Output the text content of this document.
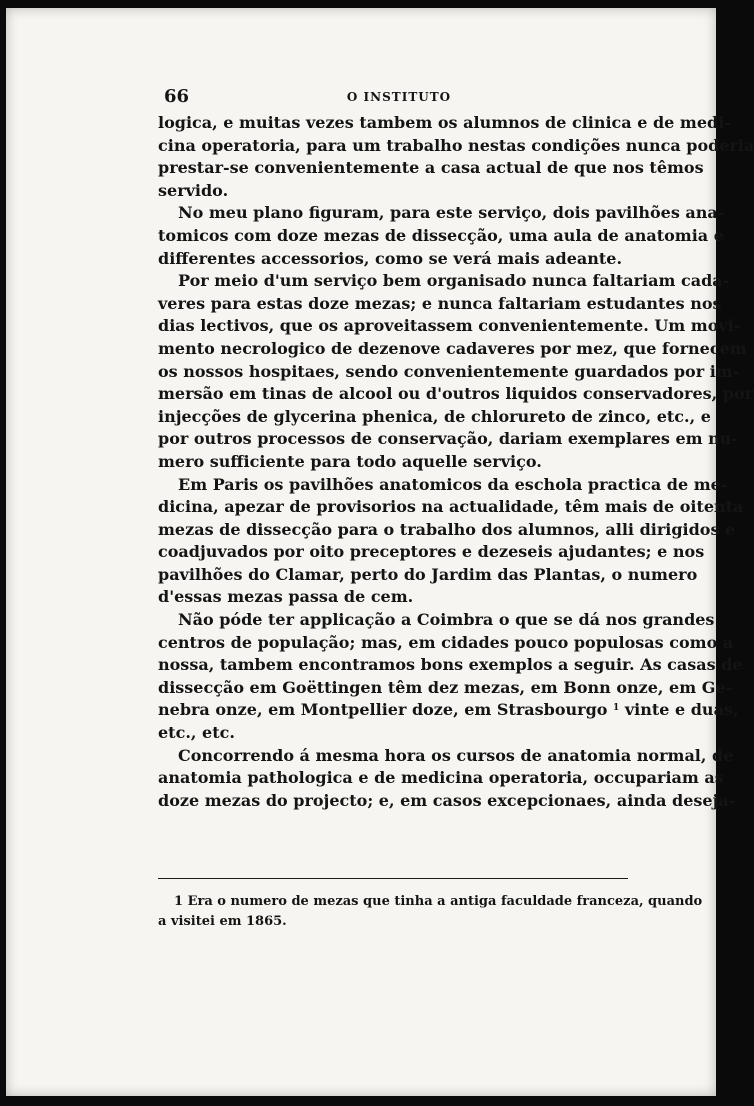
66	O INSTITUTO

logica, e muitas vezes tambem os alumnos de clinica e de medi-
cina operatoria, para um trabalho nestas condições nunca poderia
prestar-se convenientemente a casa actual de que nos têmos
servido.

No meu plano figuram, para este serviço, dois pavilhões ana-
tomicos com doze mezas de dissecção, uma aula de anatomia e
differentes accessorios, como se verá mais adeante.

Por meio d'um serviço bem organisado nunca faltariam cada-
veres para estas doze mezas; e nunca faltariam estudantes nos
dias lectivos, que os aproveitassem convenientemente. Um movi-
mento necrologico de dezenove cadaveres por mez, que fornecem
os nossos hospitaes, sendo convenientemente guardados por im-
mersão em tinas de alcool ou d'outros liquidos conservadores, por
injecções de glycerina phenica, de chlorureto de zinco, etc., e
por outros processos de conservação, dariam exemplares em nu-
mero sufficiente para todo aquelle serviço.

Em Paris os pavilhões anatomicos da eschola practica de me-
dicina, apezar de provisorios na actualidade, têm mais de oitenta
mezas de dissecção para o trabalho dos alumnos, alli dirigidos e
coadjuvados por oito preceptores e dezeseis ajudantes; e nos
pavilhões do Clamar, perto do Jardim das Plantas, o numero
d'essas mezas passa de cem.

Não póde ter applicação a Coimbra o que se dá nos grandes
centros de população; mas, em cidades pouco populosas como a
nossa, tambem encontramos bons exemplos a seguir. As casas de
dissecção em Goëttingen têm dez mezas, em Bonn onze, em Ge-
nebra onze, em Montpellier doze, em Strasbourgo $^1$ vinte e duas,
etc., etc.

Concorrendo á mesma hora os cursos de anatomia normal, de
anatomia pathologica e de medicina operatoria, occupariam as
doze mezas do projecto; e, em casos excepcionaes, ainda deseja-

1 Era o numero de mezas que tinha a antiga faculdade franceza, quando
a visitei em 1865.
